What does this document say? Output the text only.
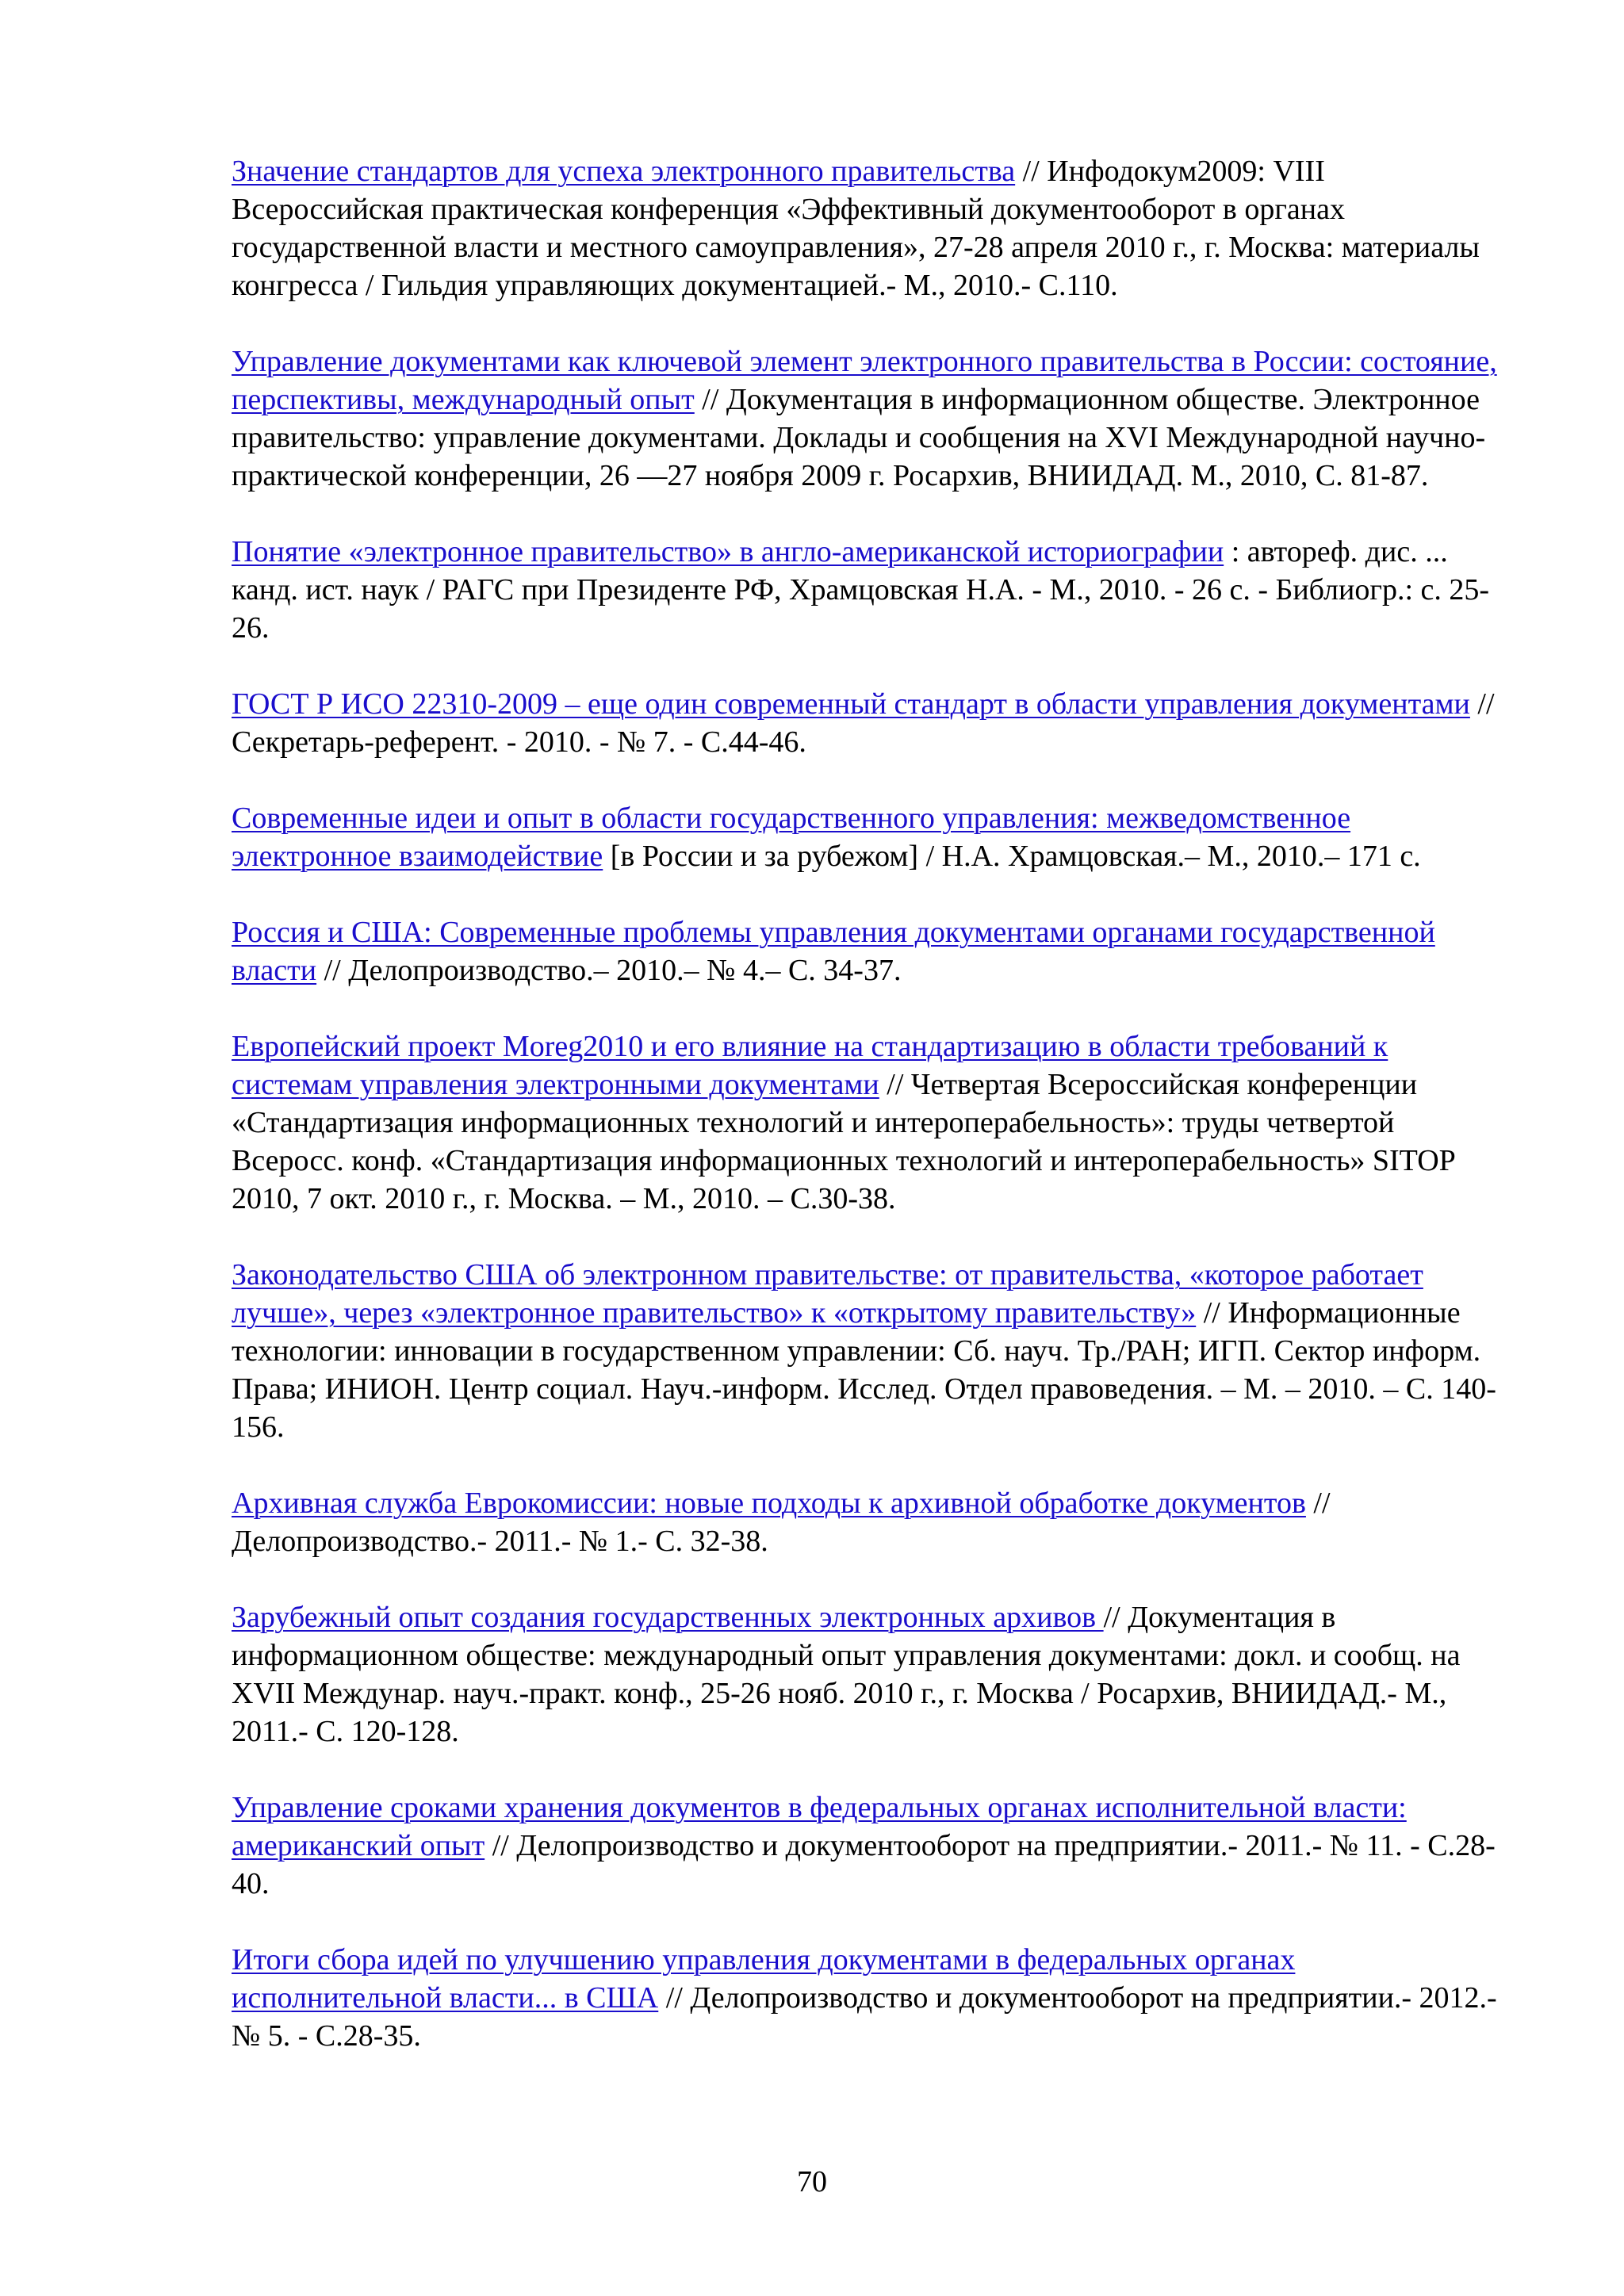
Значение стандартов для успеха электронного правительства // Инфодокум2009: VIII Всероссийская практическая конференция «Эффективный документооборот в органах государственной власти и местного самоуправления», 27-28 апреля 2010 г., г. Москва: материалы конгресса / Гильдия управляющих документацией.- М., 2010.- С.110.

Управление документами как ключевой элемент электронного правительства в России: состояние, перспективы, международный опыт // Документация в информационном обществе. Электронное правительство: управление документами. Доклады и сообщения на XVI Международной научно-практической конференции, 26 —27 ноября 2009 г. Росархив, ВНИИДАД. М., 2010, С. 81-87.

Понятие «электронное правительство» в англо-американской историографии : автореф. дис. ... канд. ист. наук / РАГС при Президенте РФ, Храмцовская Н.А. - М., 2010. - 26 с. - Библиогр.: с. 25-26.

ГОСТ Р ИСО 22310-2009 – еще один современный стандарт в области управления документами // Секретарь-референт. - 2010. - № 7. - С.44-46.

Современные идеи и опыт в области государственного управления: межведомственное электронное взаимодействие [в России и за рубежом] / Н.А. Храмцовская.– М., 2010.– 171 с.

Россия и США: Современные проблемы управления документами органами государственной власти // Делопроизводство.– 2010.– № 4.– С. 34-37.

Европейский проект Moreg2010 и его влияние на стандартизацию в области требований к системам управления электронными документами // Четвертая Всероссийская конференции «Стандартизация информационных технологий и интероперабельность»: труды четвертой Всеросс. конф. «Стандартизация информационных технологий и интероперабельность» SITOP 2010, 7 окт. 2010 г., г. Москва. – М., 2010. – С.30-38.

Законодательство США об электронном правительстве: от правительства, «которое работает лучше», через «электронное правительство» к «открытому правительству» // Информационные технологии: инновации в государственном управлении: Сб. науч. Тр./РАН; ИГП. Сектор информ. Права; ИНИОН. Центр социал. Науч.-информ. Исслед. Отдел правоведения. – М. – 2010. – С. 140-156.

Архивная служба Еврокомиссии: новые подходы к архивной обработке документов // Делопроизводство.- 2011.- № 1.- С. 32-38.

Зарубежный опыт создания государственных электронных архивов // Документация в информационном обществе: международный опыт управления документами: докл. и сообщ. на XVII Междунар. науч.-практ. конф., 25-26 нояб. 2010 г., г. Москва / Росархив, ВНИИДАД.- М., 2011.- С. 120-128.

Управление сроками хранения документов в федеральных органах исполнительной власти: американский опыт // Делопроизводство и документооборот на предприятии.- 2011.- № 11. - С.28-40.

Итоги сбора идей по улучшению управления документами в федеральных органах исполнительной власти... в США // Делопроизводство и документооборот на предприятии.- 2012.- № 5. - С.28-35.

70
